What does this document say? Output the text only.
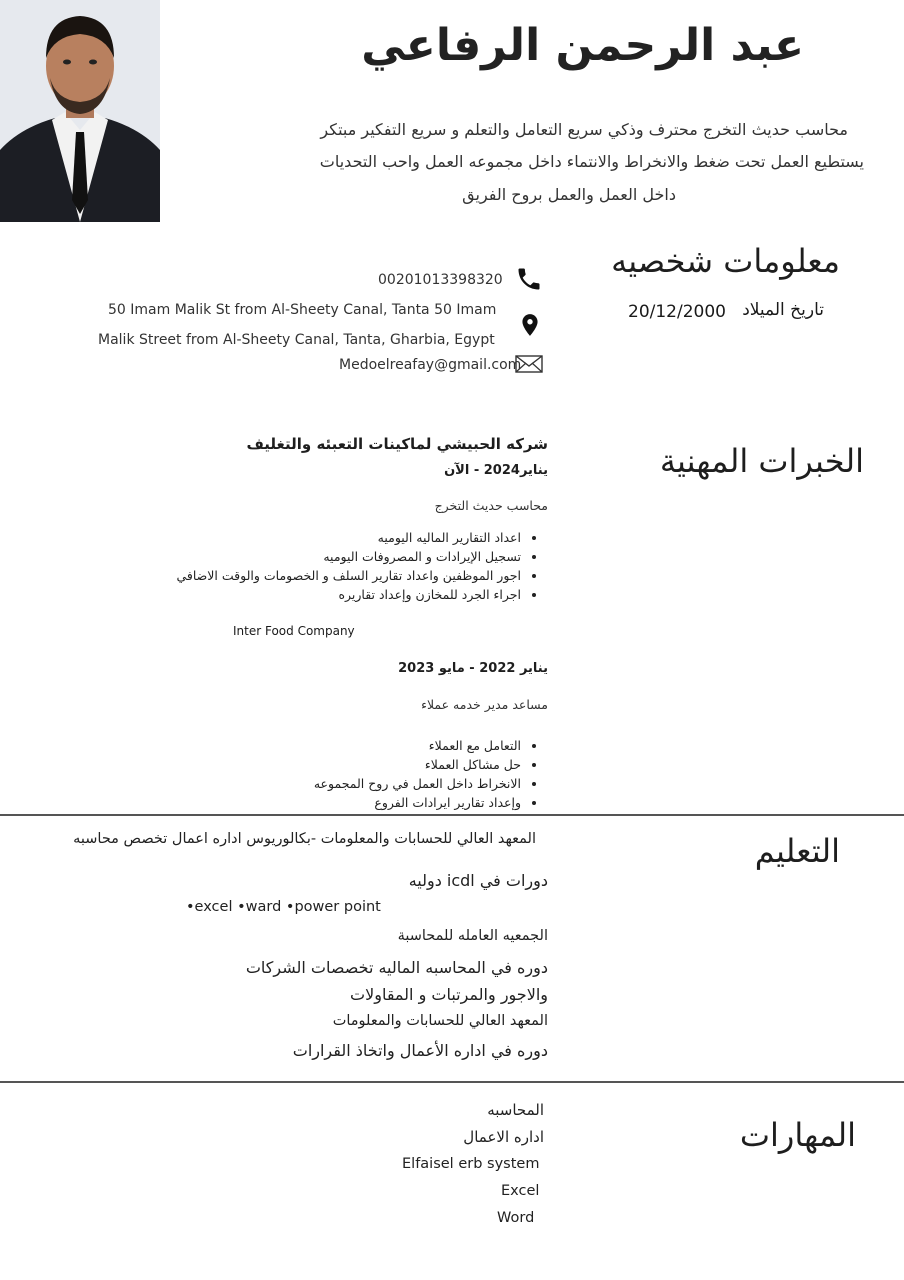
عبد الرحمن الرفاعي
محاسب حديث التخرج محترف وذكي سريع التعامل والتعلم و سريع التفكير مبتكر
يستطيع العمل تحت ضغط والانخراط والانتماء داخل مجموعه العمل واحب التحديات
داخل العمل والعمل بروح الفريق
معلومات شخصيه
تاريخ الميلاد
20/12/2000
00201013398320
50 Imam Malik St from Al-Sheety Canal, Tanta 50 Imam
Malik Street from Al-Sheety Canal, Tanta, Gharbia, Egypt
Medoelreafay@gmail.com
الخبرات المهنية
شركه الحبيشي لماكينات التعبئه والتغليف
يناير2024 - الآن
محاسب حديث التخرج
• اعداد التقارير الماليه اليوميه
• تسجيل الإيرادات و المصروفات اليوميه
• اجور الموظفين واعداد تقارير السلف و الخصومات والوقت الاضافي
• اجراء الجرد للمخازن وإعداد تقاريره
Inter Food Company
يناير 2022 - مايو 2023
مساعد مدير خدمه عملاء
• التعامل مع العملاء
• حل مشاكل العملاء
• الانخراط داخل العمل في روح المجموعه
• وإعداد تقارير ايرادات الفروع
التعليم
المعهد العالي للحسابات والمعلومات -بكالوريوس اداره اعمال تخصص محاسبه
دورات في icdl دوليه
•excel •ward •power point
الجمعيه العامله للمحاسبة
دوره في المحاسبه الماليه تخصصات الشركات
والاجور والمرتبات و المقاولات
المعهد العالي للحسابات والمعلومات
دوره في اداره الأعمال واتخاذ القرارات
المهارات
المحاسبه
اداره الاعمال
Elfaisel erb system
Excel
Word
